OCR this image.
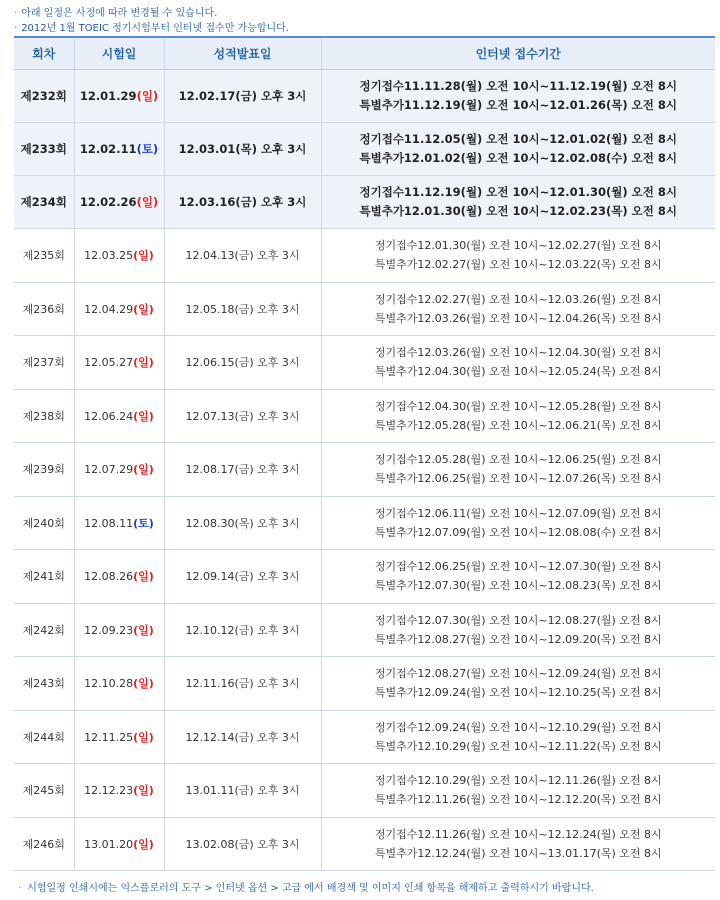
· 아래 일정은 사정에 따라 변경될 수 있습니다.
· 2012년 1월 TOEIC 정기시험부터 인터넷 접수만 가능합니다.
회차	시험일	성적발표일	인터넷 접수기간
제232회	12.01.29(일)	12.02.17(금) 오후 3시	정기접수11.11.28(월) 오전 10시~11.12.19(월) 오전 8시
특별추가11.12.19(월) 오전 10시~12.01.26(목) 오전 8시

제233회	12.02.11(토)	12.03.01(목) 오후 3시	정기접수11.12.05(월) 오전 10시~12.01.02(월) 오전 8시
특별추가12.01.02(월) 오전 10시~12.02.08(수) 오전 8시

제234회	12.02.26(일)	12.03.16(금) 오후 3시	정기접수11.12.19(월) 오전 10시~12.01.30(월) 오전 8시
특별추가12.01.30(월) 오전 10시~12.02.23(목) 오전 8시

제235회	12.03.25(일)	12.04.13(금) 오후 3시	정기접수12.01.30(월) 오전 10시~12.02.27(월) 오전 8시
특별추가12.02.27(월) 오전 10시~12.03.22(목) 오전 8시

제236회	12.04.29(일)	12.05.18(금) 오후 3시	정기접수12.02.27(월) 오전 10시~12.03.26(월) 오전 8시
특별추가12.03.26(월) 오전 10시~12.04.26(목) 오전 8시

제237회	12.05.27(일)	12.06.15(금) 오후 3시	정기접수12.03.26(월) 오전 10시~12.04.30(월) 오전 8시
특별추가12.04.30(월) 오전 10시~12.05.24(목) 오전 8시

제238회	12.06.24(일)	12.07.13(금) 오후 3시	정기접수12.04.30(월) 오전 10시~12.05.28(월) 오전 8시
특별추가12.05.28(월) 오전 10시~12.06.21(목) 오전 8시

제239회	12.07.29(일)	12.08.17(금) 오후 3시	정기접수12.05.28(월) 오전 10시~12.06.25(월) 오전 8시
특별추가12.06.25(월) 오전 10시~12.07.26(목) 오전 8시

제240회	12.08.11(토)	12.08.30(목) 오후 3시	정기접수12.06.11(월) 오전 10시~12.07.09(월) 오전 8시
특별추가12.07.09(월) 오전 10시~12.08.08(수) 오전 8시

제241회	12.08.26(일)	12.09.14(금) 오후 3시	정기접수12.06.25(월) 오전 10시~12.07.30(월) 오전 8시
특별추가12.07.30(월) 오전 10시~12.08.23(목) 오전 8시

제242회	12.09.23(일)	12.10.12(금) 오후 3시	정기접수12.07.30(월) 오전 10시~12.08.27(월) 오전 8시
특별추가12.08.27(월) 오전 10시~12.09.20(목) 오전 8시

제243회	12.10.28(일)	12.11.16(금) 오후 3시	정기접수12.08.27(월) 오전 10시~12.09.24(월) 오전 8시
특별추가12.09.24(월) 오전 10시~12.10.25(목) 오전 8시

제244회	12.11.25(일)	12.12.14(금) 오후 3시	정기접수12.09.24(월) 오전 10시~12.10.29(월) 오전 8시
특별추가12.10.29(월) 오전 10시~12.11.22(목) 오전 8시

제245회	12.12.23(일)	13.01.11(금) 오후 3시	정기접수12.10.29(월) 오전 10시~12.11.26(월) 오전 8시
특별추가12.11.26(월) 오전 10시~12.12.20(목) 오전 8시

제246회	13.01.20(일)	13.02.08(금) 오후 3시	정기접수12.11.26(월) 오전 10시~12.12.24(월) 오전 8시
특별추가12.12.24(월) 오전 10시~13.01.17(목) 오전 8시
· 시험일정 인쇄시에는 익스플로러의 도구 > 인터넷 옵션 > 고급 에서 배경색 및 이미지 인쇄 항목을 해제하고 출력하시기 바랍니다.
